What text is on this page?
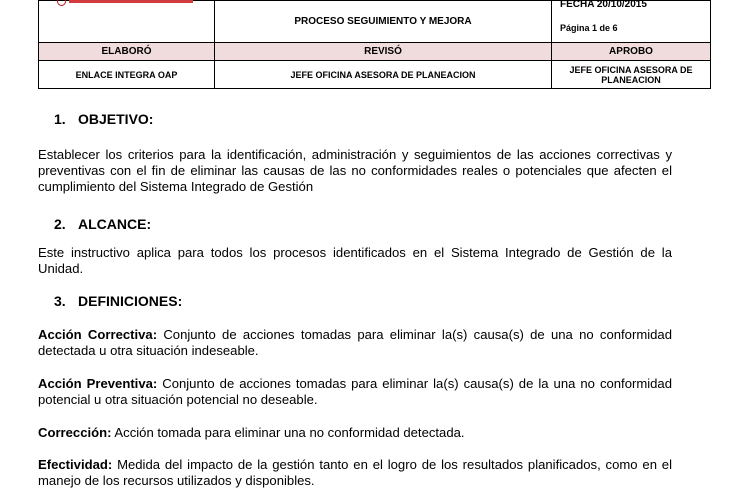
	PROCESO SEGUIMIENTO Y MEJORA	FECHA 20/10/2015
Página 1 de 6

ELABORÓ	REVISÓ	APROBO
ENLACE INTEGRA OAP	JEFE OFICINA ASESORA DE PLANEACION	JEFE OFICINA ASESORA DE PLANEACION
1. OBJETIVO:

Establecer los criterios para la identificación, administración y seguimientos de las acciones correctivas y preventivas con el fin de eliminar las causas de las no conformidades reales o potenciales que afecten el cumplimiento del Sistema Integrado de Gestión

2. ALCANCE:

Este instructivo aplica para todos los procesos identificados en el Sistema Integrado de Gestión de la Unidad.

3. DEFINICIONES:

Acción Correctiva: Conjunto de acciones tomadas para eliminar la(s) causa(s) de una no conformidad detectada u otra situación indeseable.

Acción Preventiva: Conjunto de acciones tomadas para eliminar la(s) causa(s) de la una no conformidad potencial u otra situación potencial no deseable.

Corrección: Acción tomada para eliminar una no conformidad detectada.

Efectividad: Medida del impacto de la gestión tanto en el logro de los resultados planificados, como en el manejo de los recursos utilizados y disponibles.
